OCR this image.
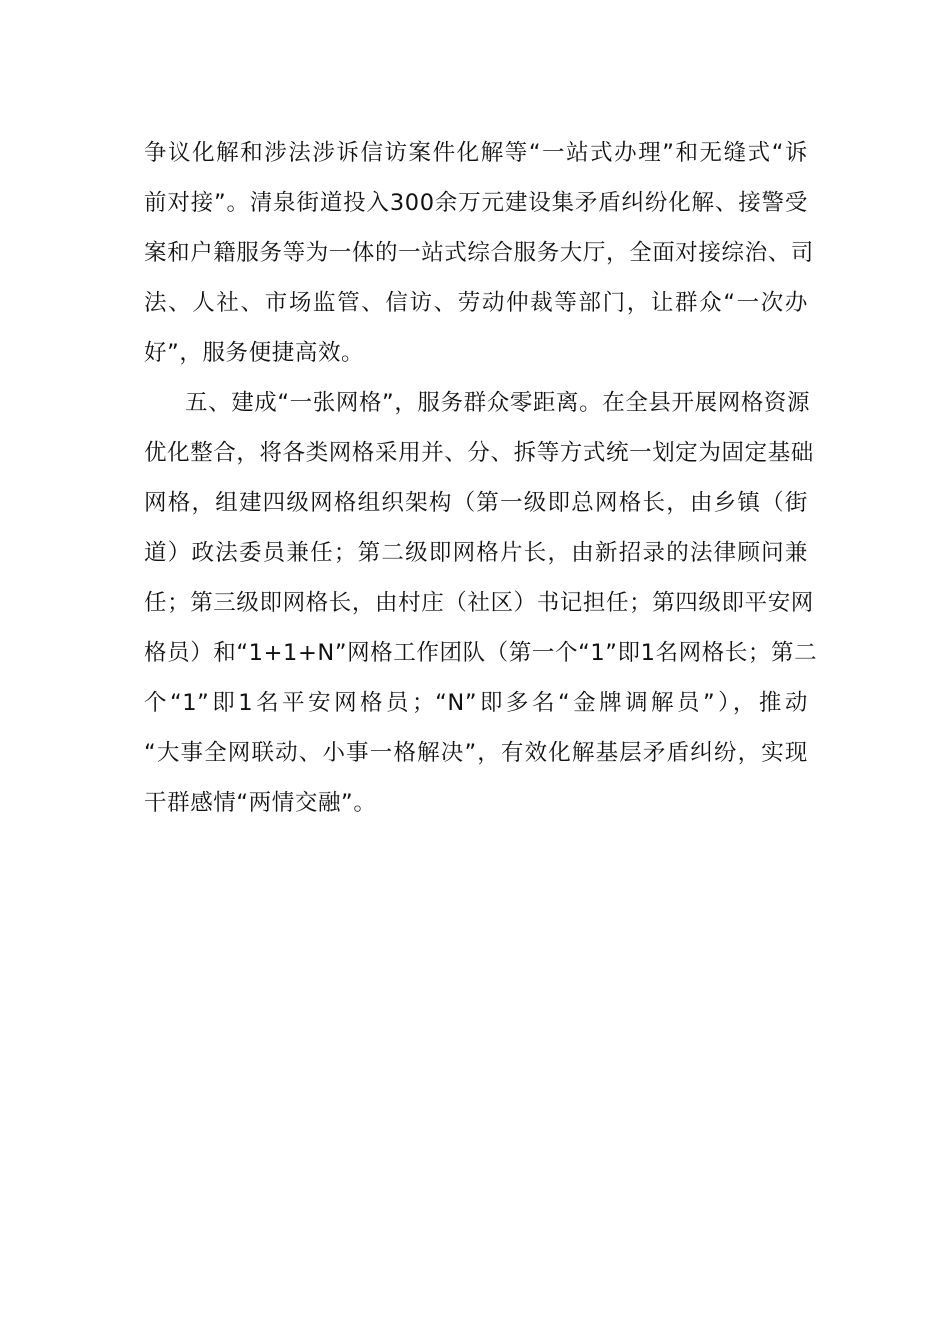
争议化解和涉法涉诉信访案件化解等“一站式办理”和无缝式“诉
前对接”。清泉街道投入300余万元建设集矛盾纠纷化解、接警受
案和户籍服务等为一体的一站式综合服务大厅，全面对接综治、司
法、人社、市场监管、信访、劳动仲裁等部门，让群众“一次办
好”，服务便捷高效。
五、建成“一张网格”，服务群众零距离。在全县开展网格资源
优化整合，将各类网格采用并、分、拆等方式统一划定为固定基础
网格，组建四级网格组织架构（第一级即总网格长，由乡镇（街
道）政法委员兼任；第二级即网格片长，由新招录的法律顾问兼
任；第三级即网格长，由村庄（社区）书记担任；第四级即平安网
格员）和“1+1+N”网格工作团队（第一个“1”即1名网格长；第二
个“1”即1名平安网格员；“N”即多名“金牌调解员”），推动
“大事全网联动、小事一格解决”，有效化解基层矛盾纠纷，实现
干群感情“两情交融”。
